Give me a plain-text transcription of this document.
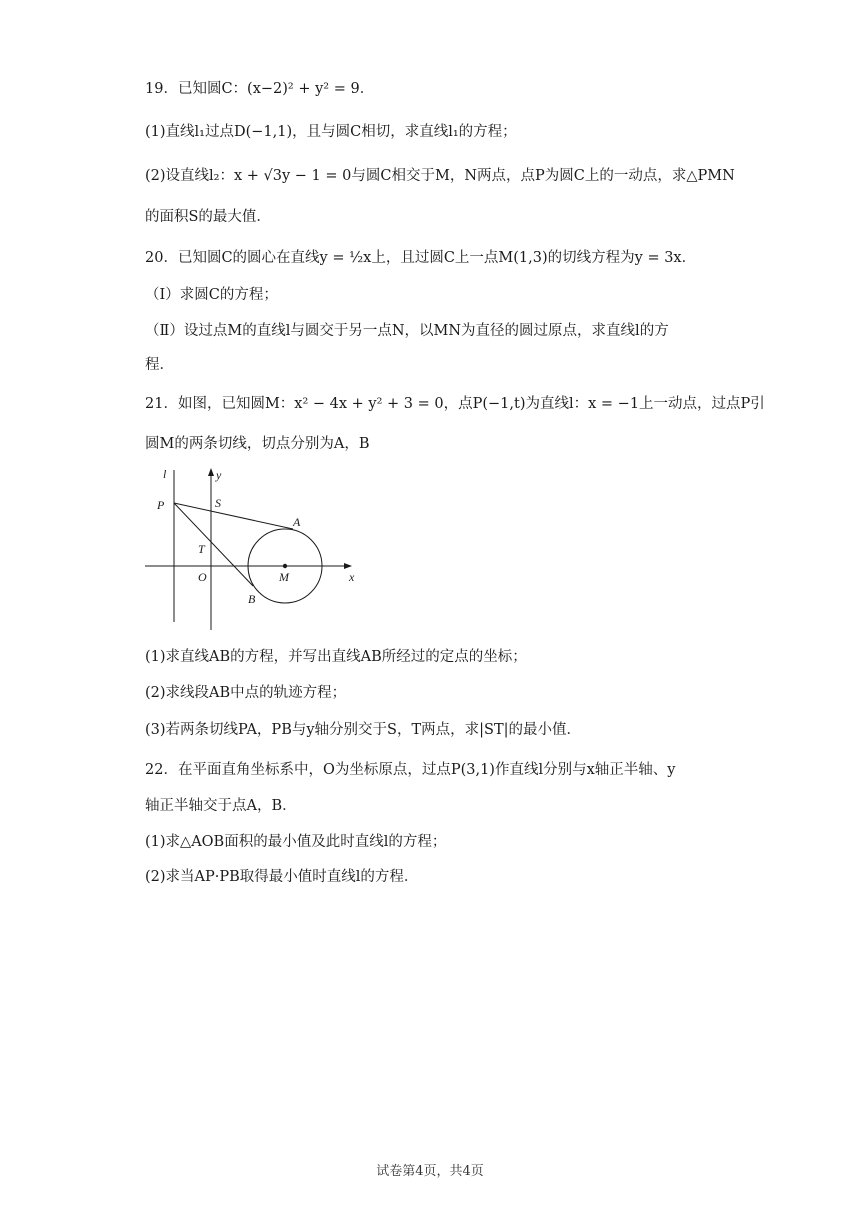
19．已知圆C：(x−2)² + y² = 9．
(1)直线l₁过点D(−1,1)，且与圆C相切，求直线l₁的方程；
(2)设直线l₂：x + √3y − 1 = 0与圆C相交于M，N两点，点P为圆C上的一动点，求△PMN
的面积S的最大值．
20．已知圆C的圆心在直线y = ½x上，且过圆C上一点M(1,3)的切线方程为y = 3x．
（Ⅰ）求圆C的方程；
（Ⅱ）设过点M的直线l与圆交于另一点N，以MN为直径的圆过原点，求直线l的方
程．
21．如图，已知圆M：x² − 4x + y² + 3 = 0，点P(−1,t)为直线l：x = −1上一动点，过点P引
圆M的两条切线，切点分别为A，B
(1)求直线AB的方程，并写出直线AB所经过的定点的坐标；
(2)求线段AB中点的轨迹方程；
(3)若两条切线PA，PB与y轴分别交于S，T两点，求|ST|的最小值．
22．在平面直角坐标系中，O为坐标原点，过点P(3,1)作直线l分别与x轴正半轴、y
轴正半轴交于点A，B．
(1)求△AOB面积的最小值及此时直线l的方程；
(2)求当AP·PB取得最小值时直线l的方程．
l	y
P	S
A
T
O	M	x
B
试卷第4页，共4页
